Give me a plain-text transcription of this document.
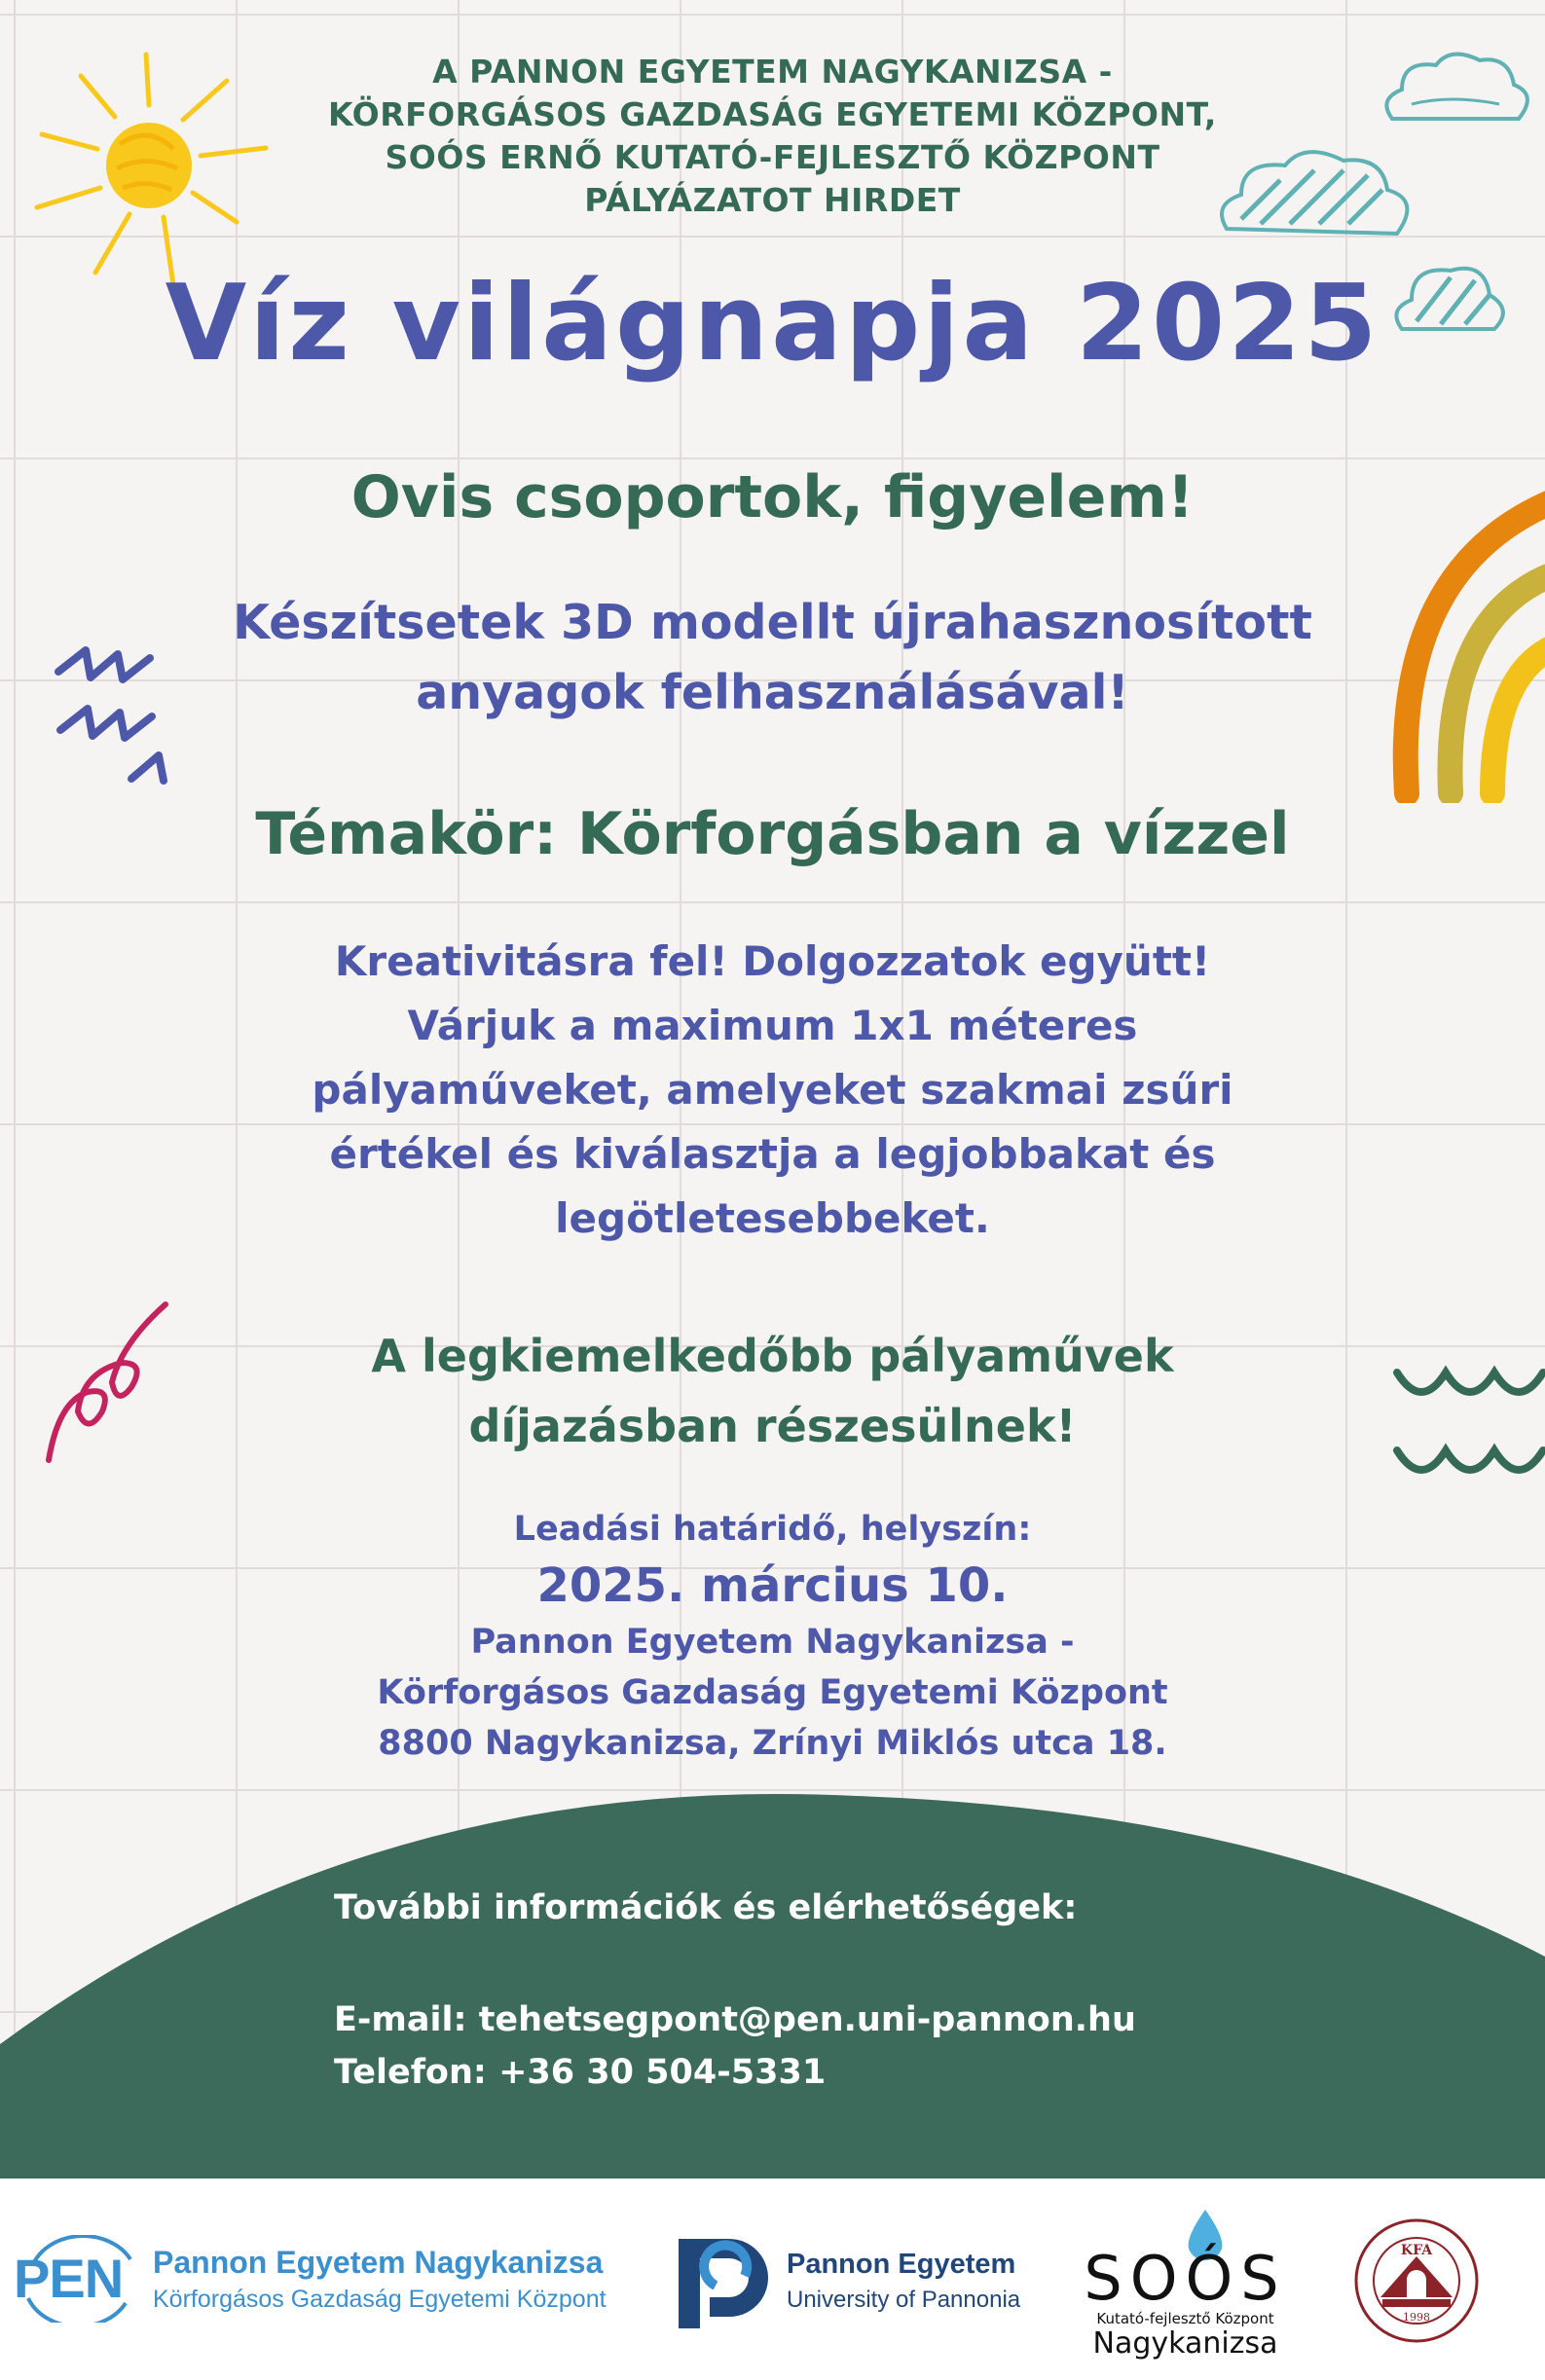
A PANNON EGYETEM NAGYKANIZSA -
KÖRFORGÁSOS GAZDASÁG EGYETEMI KÖZPONT,
SOÓS ERNŐ KUTATÓ-FEJLESZTŐ KÖZPONT
PÁLYÁZATOT HIRDET
Víz világnapja 2025
Ovis csoportok, figyelem!
Készítsetek 3D modellt újrahasznosított
anyagok felhasználásával!
Témakör: Körforgásban a vízzel
Kreativitásra fel! Dolgozzatok együtt!
Várjuk a maximum 1x1 méteres
pályaműveket, amelyeket szakmai zsűri
értékel és kiválasztja a legjobbakat és
legötletesebbeket.
A legkiemelkedőbb pályaművek
díjazásban részesülnek!
Leadási határidő, helyszín:
2025. március 10.
Pannon Egyetem Nagykanizsa -
Körforgásos Gazdaság Egyetemi Központ
8800 Nagykanizsa, Zrínyi Miklós utca 18.
További információk és elérhetőségek:
E-mail: tehetsegpont@pen.uni-pannon.hu
Telefon: +36 30 504-5331
PEN Pannon Egyetem Nagykanizsa
Körforgásos Gazdaság Egyetemi Központ
Pannon Egyetem
University of Pannonia SOÓS
Kutató-fejlesztő Központ
Nagykanizsa
KFA
1998
